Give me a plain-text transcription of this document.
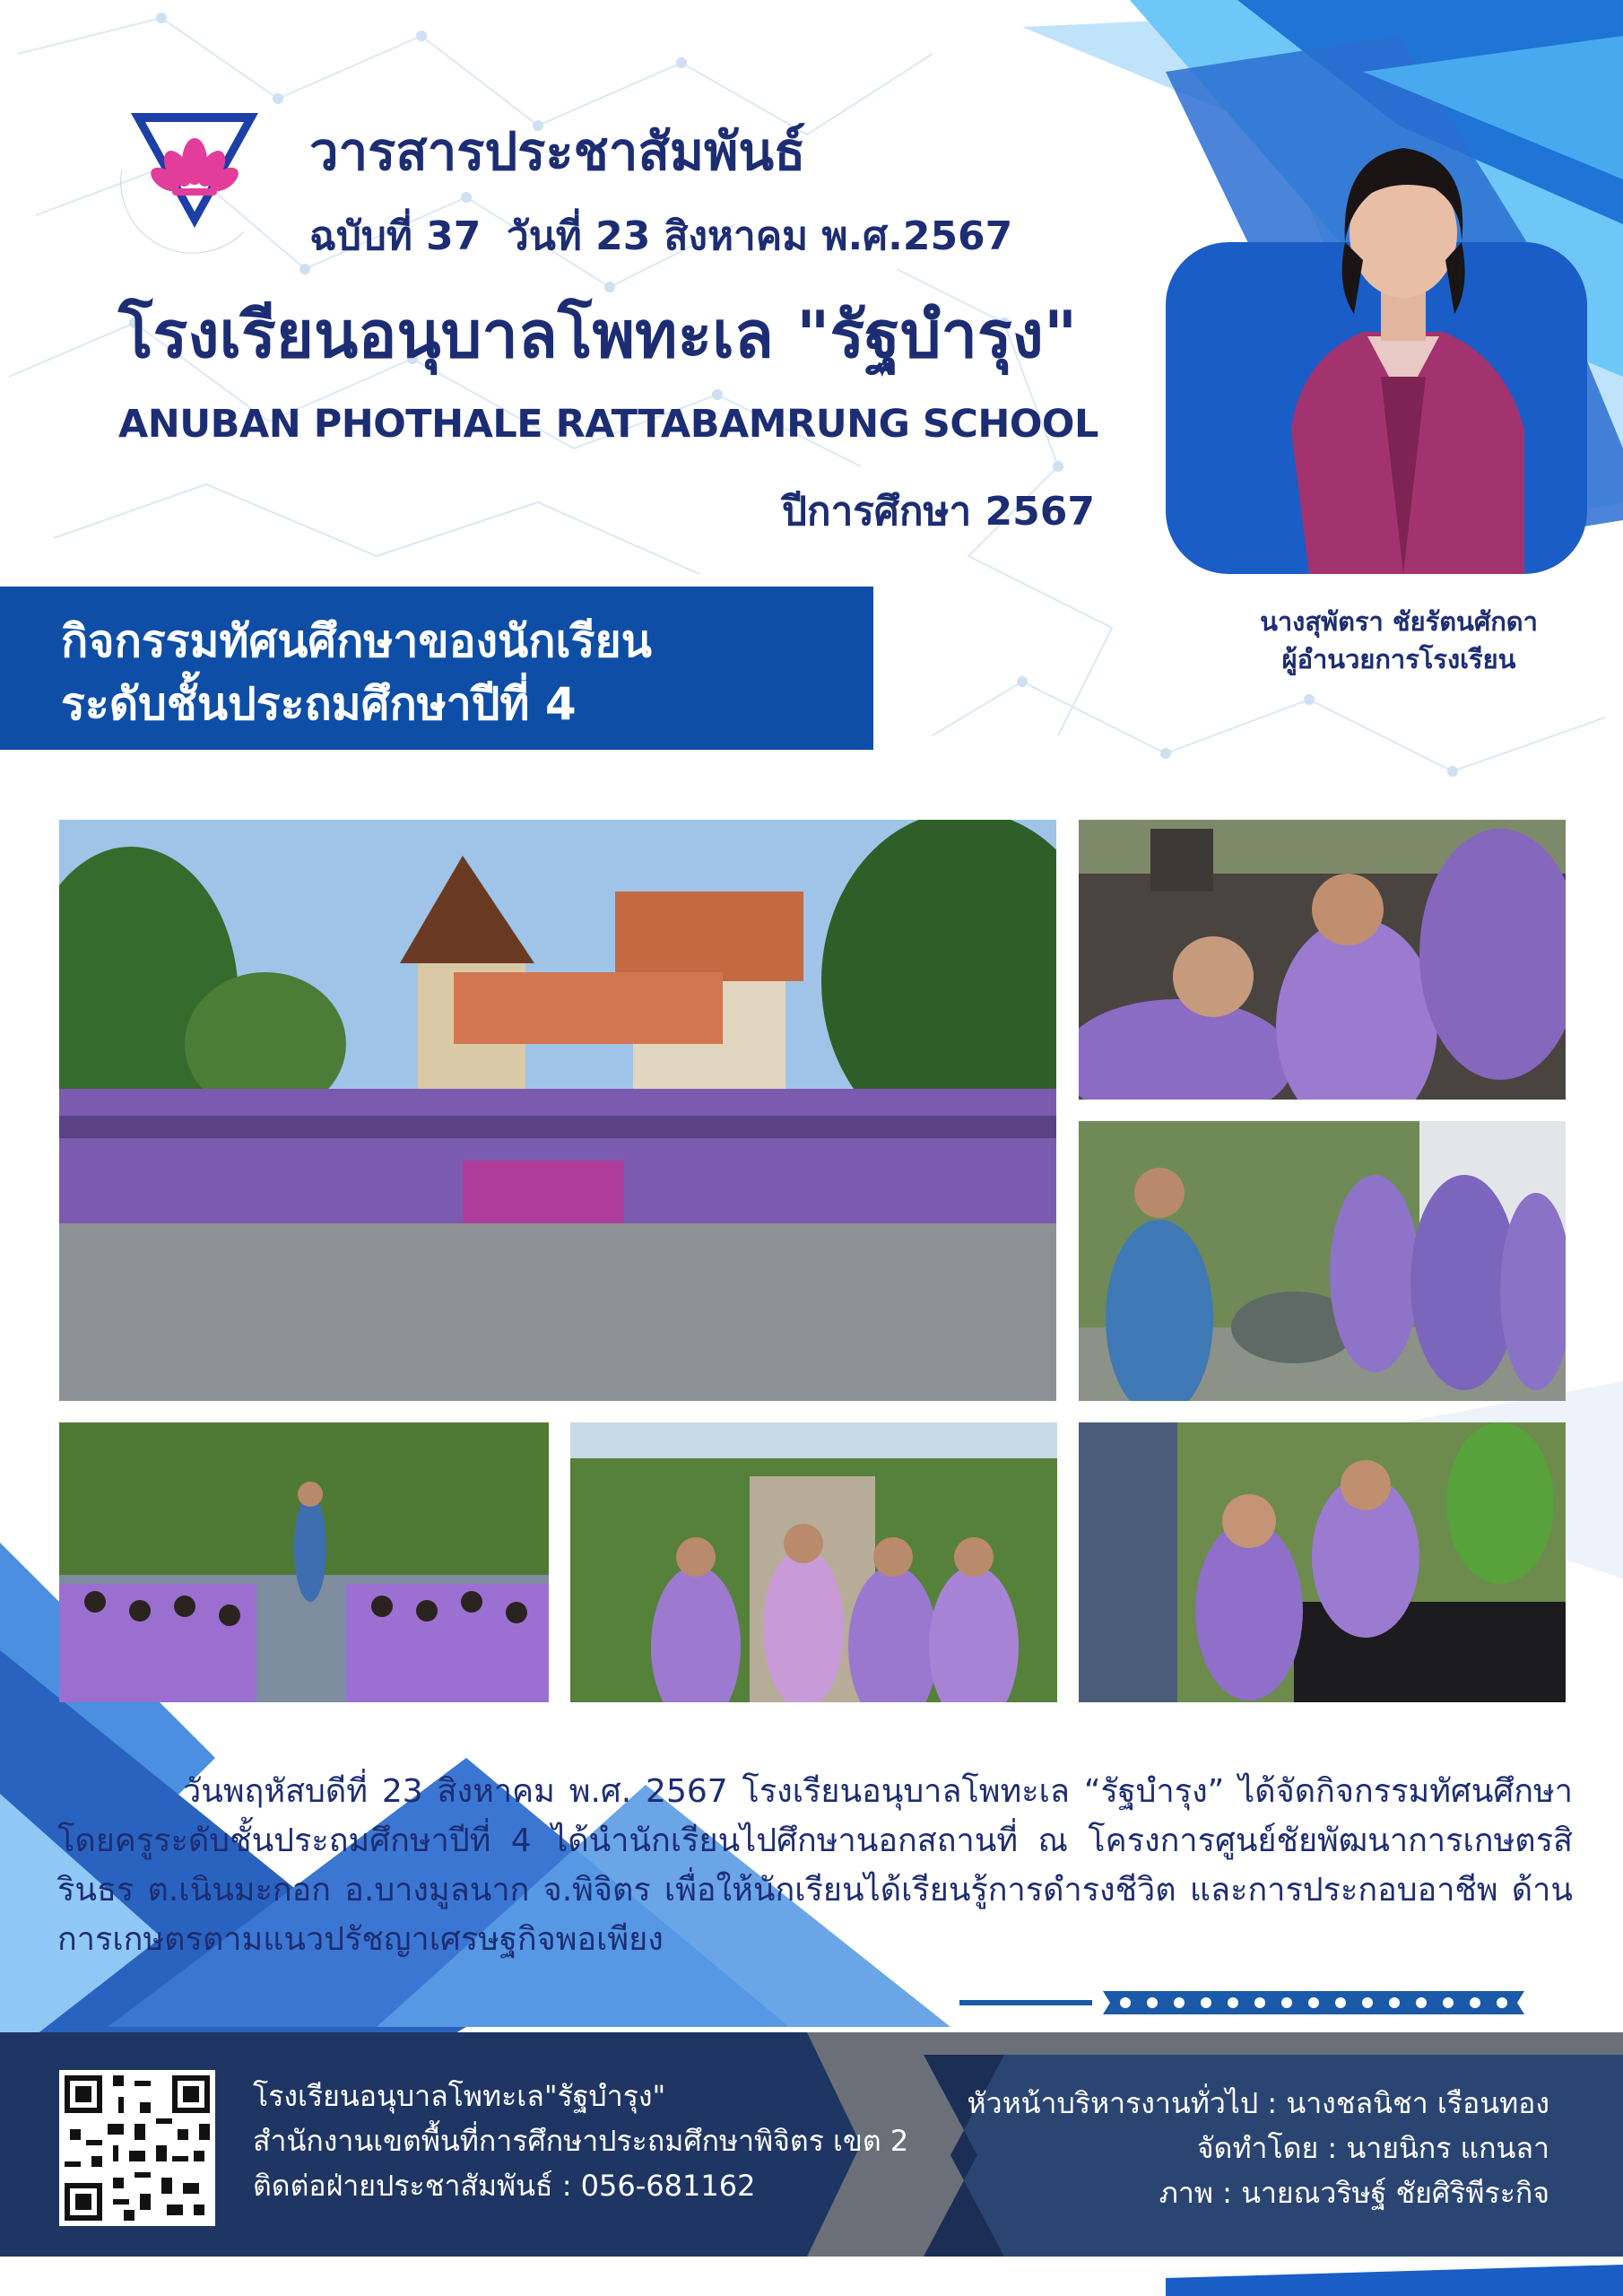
วารสารประชาสัมพันธ์
ฉบับที่ 37 วันที่ 23 สิงหาคม พ.ศ.2567
โรงเรียนอนุบาลโพทะเล "รัฐบำรุง"
ANUBAN PHOTHALE RATTABAMRUNG SCHOOL
ปีการศึกษา 2567
นางสุพัตรา ชัยรัตนศักดา
ผู้อำนวยการโรงเรียน
กิจกรรมทัศนศึกษาของนักเรียน
ระดับชั้นประถมศึกษาปีที่ 4
วันพฤหัสบดีที่ 23 สิงหาคม พ.ศ. 2567 โรงเรียนอนุบาลโพทะเล “รัฐบำรุง” ได้จัดกิจกรรมทัศนศึกษา โดยครูระดับชั้นประถมศึกษาปีที่ 4 ได้นำนักเรียนไปศึกษานอกสถานที่ ณ โครงการศูนย์ชัยพัฒนาการเกษตรสิรินธร ต.เนินมะกอก อ.บางมูลนาก จ.พิจิตร เพื่อให้นักเรียนได้เรียนรู้การดำรงชีวิต และการประกอบอาชีพ ด้านการเกษตรตามแนวปรัชญาเศรษฐกิจพอเพียง
โรงเรียนอนุบาลโพทะเล"รัฐบำรุง"
สำนักงานเขตพื้นที่การศึกษาประถมศึกษาพิจิตร เขต 2
ติดต่อฝ่ายประชาสัมพันธ์ : 056-681162
หัวหน้าบริหารงานทั่วไป : นางชลนิชา เรือนทอง
จัดทำโดย : นายนิกร แกนลา
ภาพ : นายณวริษฐ์ ชัยศิริพีระกิจ
